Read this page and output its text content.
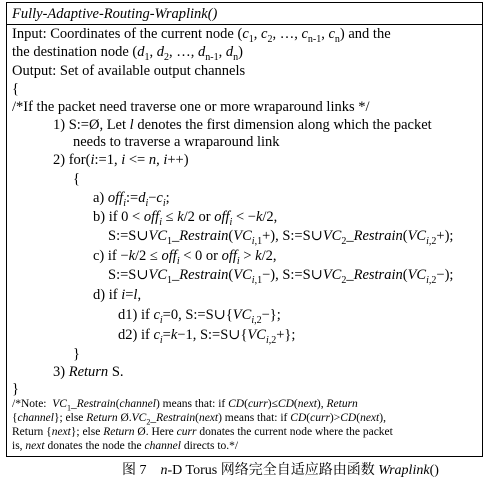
Fully-Adaptive-Routing-Wraplink()
Input: Coordinates of the current node ($c_1$, $c_2$, …, $c_{n-1}$, $c_n$) and the
the destination node ($d_1$, $d_2$, …, $d_{n-1}$, $d_n$)
Output: Set of available output channels
{
/*If the packet need traverse one or more wraparound links */
1) S:=Ø, Let l denotes the first dimension along which the packet
needs to traverse a wraparound link
2) for(i:=1, i <= n, i++)
{
a) $off_i:=d_i-c_i$;
b) if 0 < off$_i$ ≤ k/2 or off$_i$ < −k/2,
$S:=S\cup VC_1\_Restrain(VC_{i,1}+)$, $S:=S\cup VC_2\_Restrain(VC_{i,2}+)$;
c) if −k/2 ≤ off$_i$ < 0 or off$_i$ > k/2,
$S:=S\cup VC_1\_Restrain(VC_{i,1}-)$, $S:=S\cup VC_2\_Restrain(VC_{i,2}-)$;
d) if i=l,
d1) if $c_i=0$, $S:=S\cup\{VC_{i,2}-\}$;
d2) if $c_i=k-1$, $S:=S\cup\{VC_{i,2}+\}$;
}
3) Return S.
}
/*Note:  $VC_1\_Restrain(channel)$ means that: if CD(curr)≤CD(next), Return
{channel}; else Return $Ø.VC_2\_Restrain(next)$ means that: if CD(curr)>CD(next),
Return {next}; else Return Ø. Here curr donates the current node where the packet
is, next donates the node the channel directs to.*/
图 7    n-D Torus 网络完全自适应路由函数 Wraplink()
